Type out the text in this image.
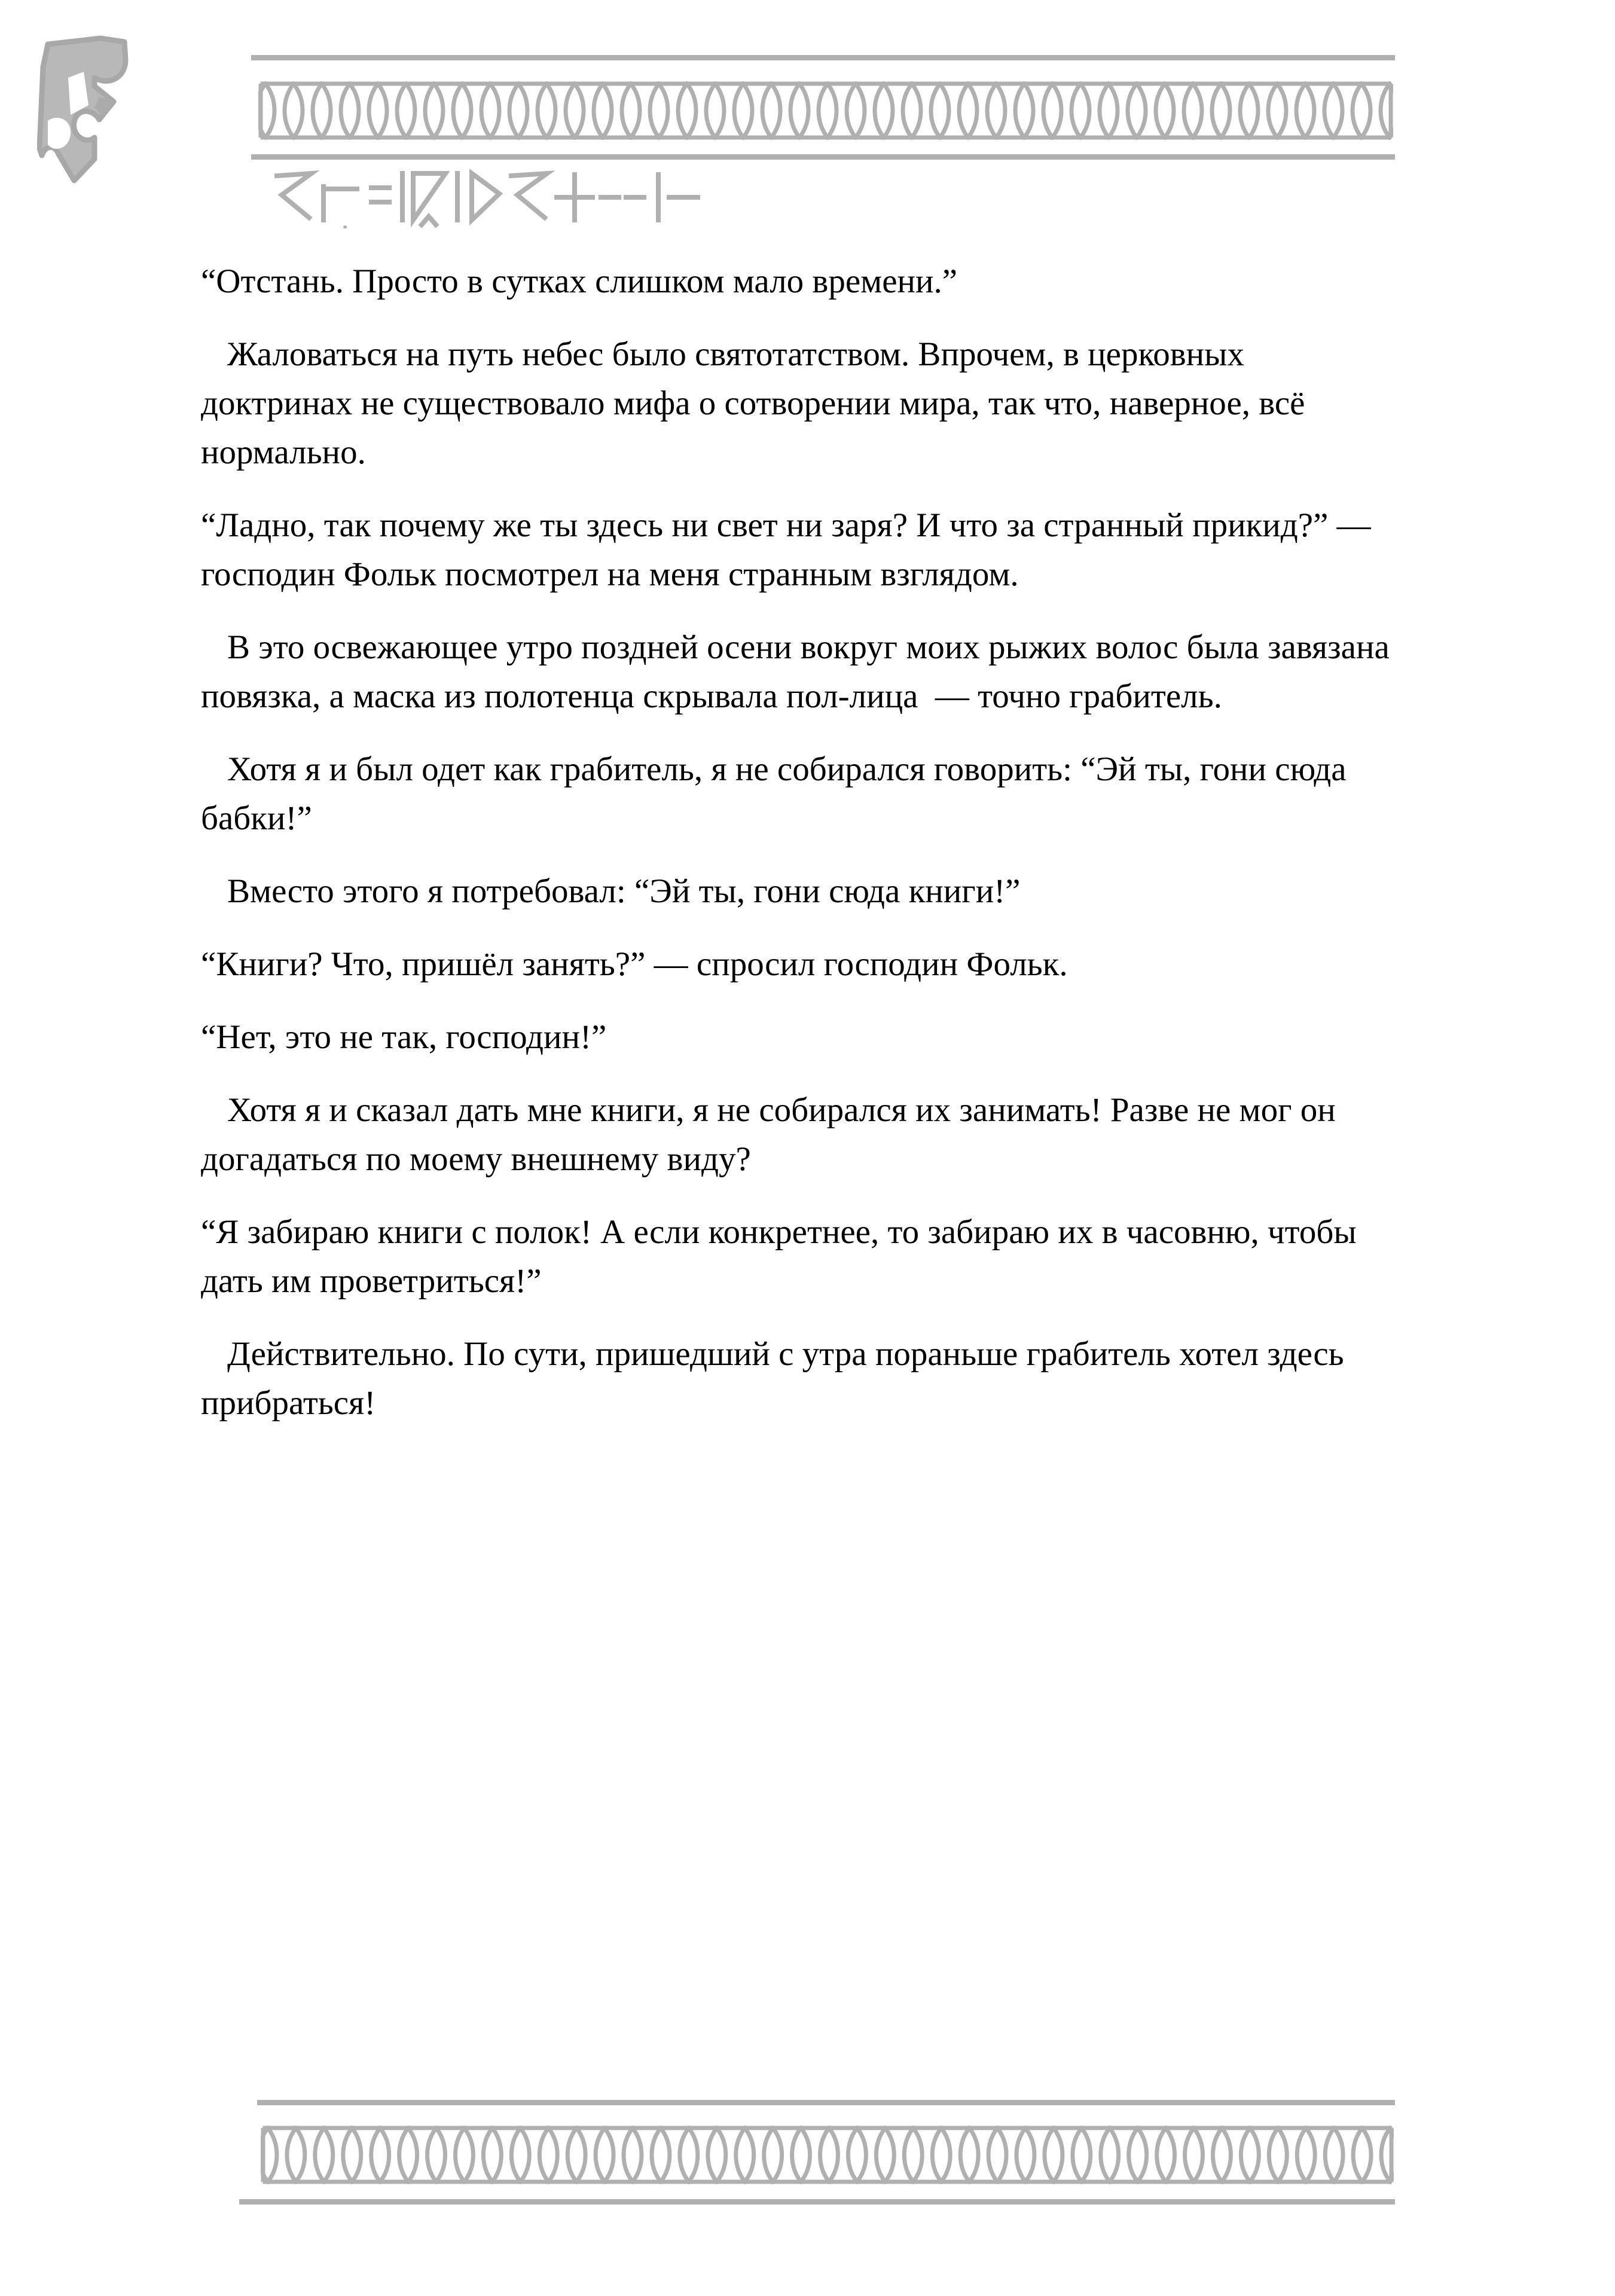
“Отстань. Просто в сутках слишком мало времени.”

Жаловаться на путь небес было святотатством. Впрочем, в церковных доктринах не существовало мифа о сотворении мира, так что, наверное, всё нормально.

“Ладно, так почему же ты здесь ни свет ни заря? И что за странный прикид?” — господин Фольк посмотрел на меня странным взглядом.

В это освежающее утро поздней осени вокруг моих рыжих волос была завязана повязка, а маска из полотенца скрывала пол-лица  — точно грабитель.

Хотя я и был одет как грабитель, я не собирался говорить: “Эй ты, гони сюда бабки!”

Вместо этого я потребовал: “Эй ты, гони сюда книги!”

“Книги? Что, пришёл занять?” — спросил господин Фольк.

“Нет, это не так, господин!”

Хотя я и сказал дать мне книги, я не собирался их занимать! Разве не мог он догадаться по моему внешнему виду?

“Я забираю книги с полок! А если конкретнее, то забираю их в часовню, чтобы дать им проветриться!”

Действительно. По сути, пришедший с утра пораньше грабитель хотел здесь прибраться!
